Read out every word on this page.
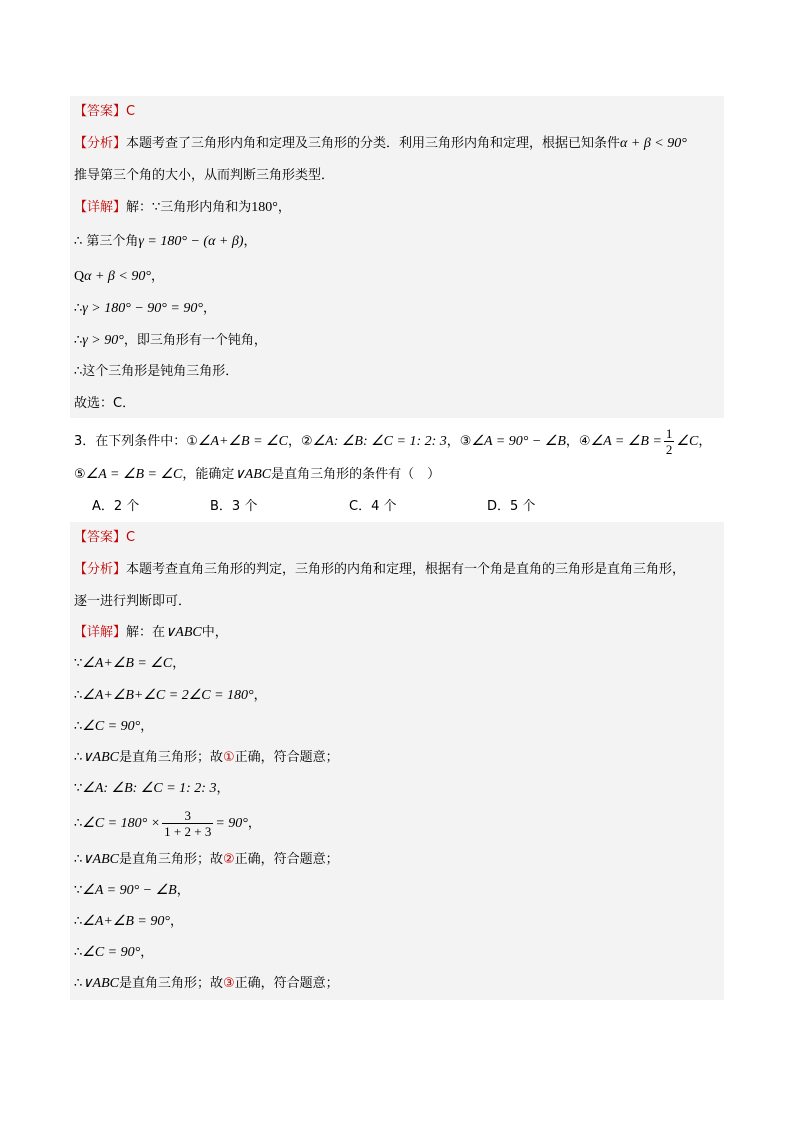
【答案】C
【分析】本题考查了三角形内角和定理及三角形的分类．利用三角形内角和定理，根据已知条件α + β < 90°
推导第三个角的大小，从而判断三角形类型．
【详解】解：∵三角形内角和为180°，
∴ 第三个角γ = 180° − (α + β)，
Qα + β < 90°，
∴γ > 180° − 90° = 90°，
∴γ > 90°，即三角形有一个钝角，
∴这个三角形是钝角三角形．
故选：C．
3．在下列条件中：①∠A+∠B = ∠C，②∠A: ∠B: ∠C = 1: 2: 3，③∠A = 90° − ∠B，④∠A = ∠B = $\frac{1}{2}$ ∠C，
⑤∠A = ∠B = ∠C，能确定∨ABC是直角三角形的条件有（　）
A．2 个	B．3 个	C．4 个	D．5 个
【答案】C
【分析】本题考查直角三角形的判定，三角形的内角和定理，根据有一个角是直角的三角形是直角三角形，
逐一进行判断即可．
【详解】解：在∨ABC中，
∵∠A+∠B = ∠C，
∴∠A+∠B+∠C = 2∠C = 180°，
∴∠C = 90°，
∴∨ABC是直角三角形；故①正确，符合题意；
∵∠A: ∠B: ∠C = 1: 2: 3，
∴∠C = $180^\circ \times \frac{3}{1 + 2 + 3} = 90^\circ$，
∴∨ABC是直角三角形；故②正确，符合题意；
∵∠A = 90° − ∠B，
∴∠A+∠B = 90°，
∴∠C = 90°，
∴∨ABC是直角三角形；故③正确，符合题意；
